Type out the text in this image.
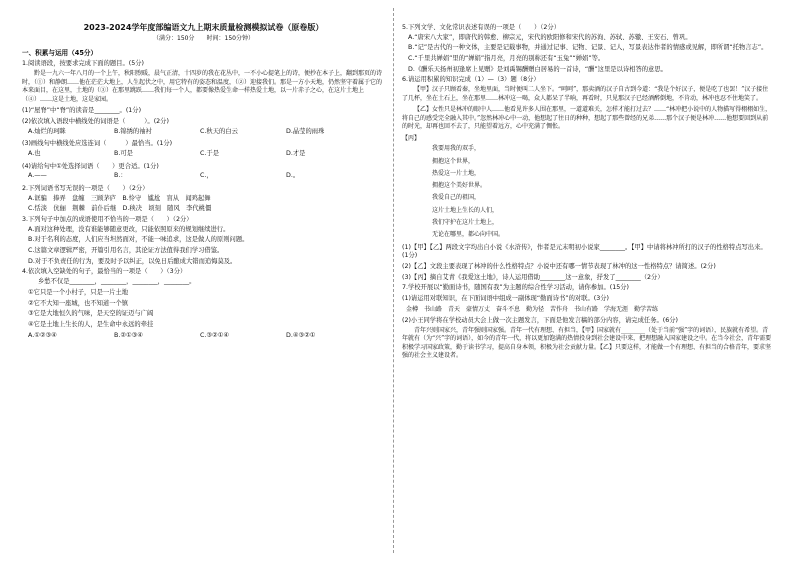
2023-2024学年度部编语文九上期末质量检测模拟试卷（原卷版）
（满分：150分　　时间：150分钟）
一、积累与运用（45分）
1.阅读语段，按要求完成下面的题目。(5分)
黔是一九六一年八月的一个上午，秋阳煦暖，晨气正清，十四岁的我在花丛中，一不小心提笔上的诗，便抄在本子上，翻到那页的诗时，（①）和静朗……他在茫茫大地上，人生起伏之中，用它特有的姿态和温度，（②）迎接我们。那是一方小天地，仍然坚守着属于它的本来面目，在这里，土地的（③）在那里跳跃……我们每一个人，都要像热爱生命一样热爱土地，以一片赤子之心，在这片土地上（④）……这是土地，这是家园。
(1)“屋脊”中“脊”的读音是________。(1分)
(2)依次填入语段中横线处的词语是（　　　）。(2分)
A.灿烂的珂眯	B.锦绣的袖衬	C.秋天的白云	D.晶莹的雨珠
(3)画线句中横线处应选连词（　　　）最恰当。(1分)
A.也	B.可是	C.于是	D.才是
(4)请给句中①处选择词语（　　）更合适。(1分)
A.——	B.：	C.，	D.。
2.下列词语书写无误的一项是（　　）（2分）
A.诓骗　捧弄　盘缠　三顾茅庐　B.怜守　尴尬　盲从　闻鸡起舞
C.恬淡　伉俪　荆棘　前仆后继　D.秧决　顷刻　随风　李代桃僵
3.下列句子中加点的成语使用不恰当的一项是（　　）（2分）
A.面对这种处理，没有谁能够随意更改，只能依照原来的规划继续进行。
B.对于名利的态度，人们应当坦然面对，不能一味追求，这是做人的原则问题。
C.这篇文章逻辑严密，开篇引用名言，其论证方法值得我们学习借鉴。
D.对于不负责任的行为，要及时予以纠正，以免日后酿成大错而追悔莫及。
4.依次填入空缺处的句子，最恰当的一项是（　　）（3分）
乡愁不仅是________，________，________，________。
①它只是一个小村子，只是一片土地
②它不大知一座城，也不知道一个镇
③它是大地恒久的气味，是天空的证迈与广阔
④它是土地上生长的人，是生命中永远的牵挂
A.①②③④	B.②①③④	C.③②①④	D.④③②①
5.下列文学、文化常识表述有误的一项是（　　）（2分）
A.“唐宋八大家”，即唐代的韩愈、柳宗元，宋代的欧阳修和宋代的苏洵、苏轼、苏辙、王安石、曾巩。
B.“记”是古代的一种文体，主要是记载事物，并通过记事、记物、记景、记人，写景表达作者的情感或见解，即所谓“托物言志”。
C.“千里共婵娟”里的“婵娟”指月亮，月亮的别称还有“玉兔”“婵娟”等。
D.《酬乐天扬州初逢席上见赠》是刘禹锡酬赠白居易的一首诗，“酬”这里是以诗相答的意思。
6.请运用积累的知识完成（1）—（3）题（8分）
【甲】汉子只顾看秦，坐地里面，当时便叫二人坐下。“呵呵”，那卖酒的汉子自古到今道：“我是个好汉子，便是吃了也罢！”汉子接住了几杯，坐在土石上，坐在那里……林冲这一喝，众人都呆了半晌，再看时，只见那汉子已经酒醉倒地，不肯动，林冲也忍不住地笑了。
【乙】女性只是林冲的眼中人……他看见许多人围在那里，一道道难关，怎样才能打过去？……“林冲把小说中的人物描写得栩栩如生，将自己的感受完全融入其中。”忽然林冲心中一动，他想起了往日的种种，想起了那些曾经的兄弟……那个汉子便是林冲……他想要回到从前的时光，却再也回不去了，只能望着远方，心中充满了惆怅。
【丙】
我要用我的双手，
拥抱这个世界，
热爱这一片土地，
拥抱这个美好世界。
我爱自己的祖国，
这片土地上生长的人们，
我们守护在这片土地上，
无论在哪里，都心向中国。
(1)【甲】【乙】两段文字均出自小说《水浒传》，作者是元末明初小说家________。【甲】中请将林冲所打的汉子的性格特点写出来。(1分)
(2)【乙】文段主要表现了林冲的什么性格特点？小说中还有哪一情节表现了林冲的这一性格特点？请简述。(2分)
(3)【丙】摘自艾青《我爱这土地》，诗人运用借助________这一意象，抒发了________（2分）
7.学校开展以“勤面诗书，随国有我”为主题的综合性学习活动，请你参加。(15分)
(1)请运用对联知识，在下面词语中组成一副体现“勤面诗书”的对联。(3分)
金樽　书山路　青天　豪情万丈　奋斗不息　勤为径　苦作舟　书山有路　学海无涯　勤学苦练
(2)小王同学将在学校动员大会上做一次主题发言，下面是他发言稿的部分内容，请完成任务。(6分)
青年兴则国家兴，青年强则国家强。青年一代有理想、有担当，【甲】国家就有________（处于当前“强”字的词语），民族就有希望。青年就有（为“兴”字的词语），如今的青年一代，将以更加饱满的热情投身到社会建设中来，把理想融入国家建设之中。在当今社会，青年需要积极学习国家政策，勤于读书学习，提高自身本领，积极为社会贡献力量。【乙】只要这样，才能做一个有理想、有担当的合格青年，要求坚强的社会主义建设者。
